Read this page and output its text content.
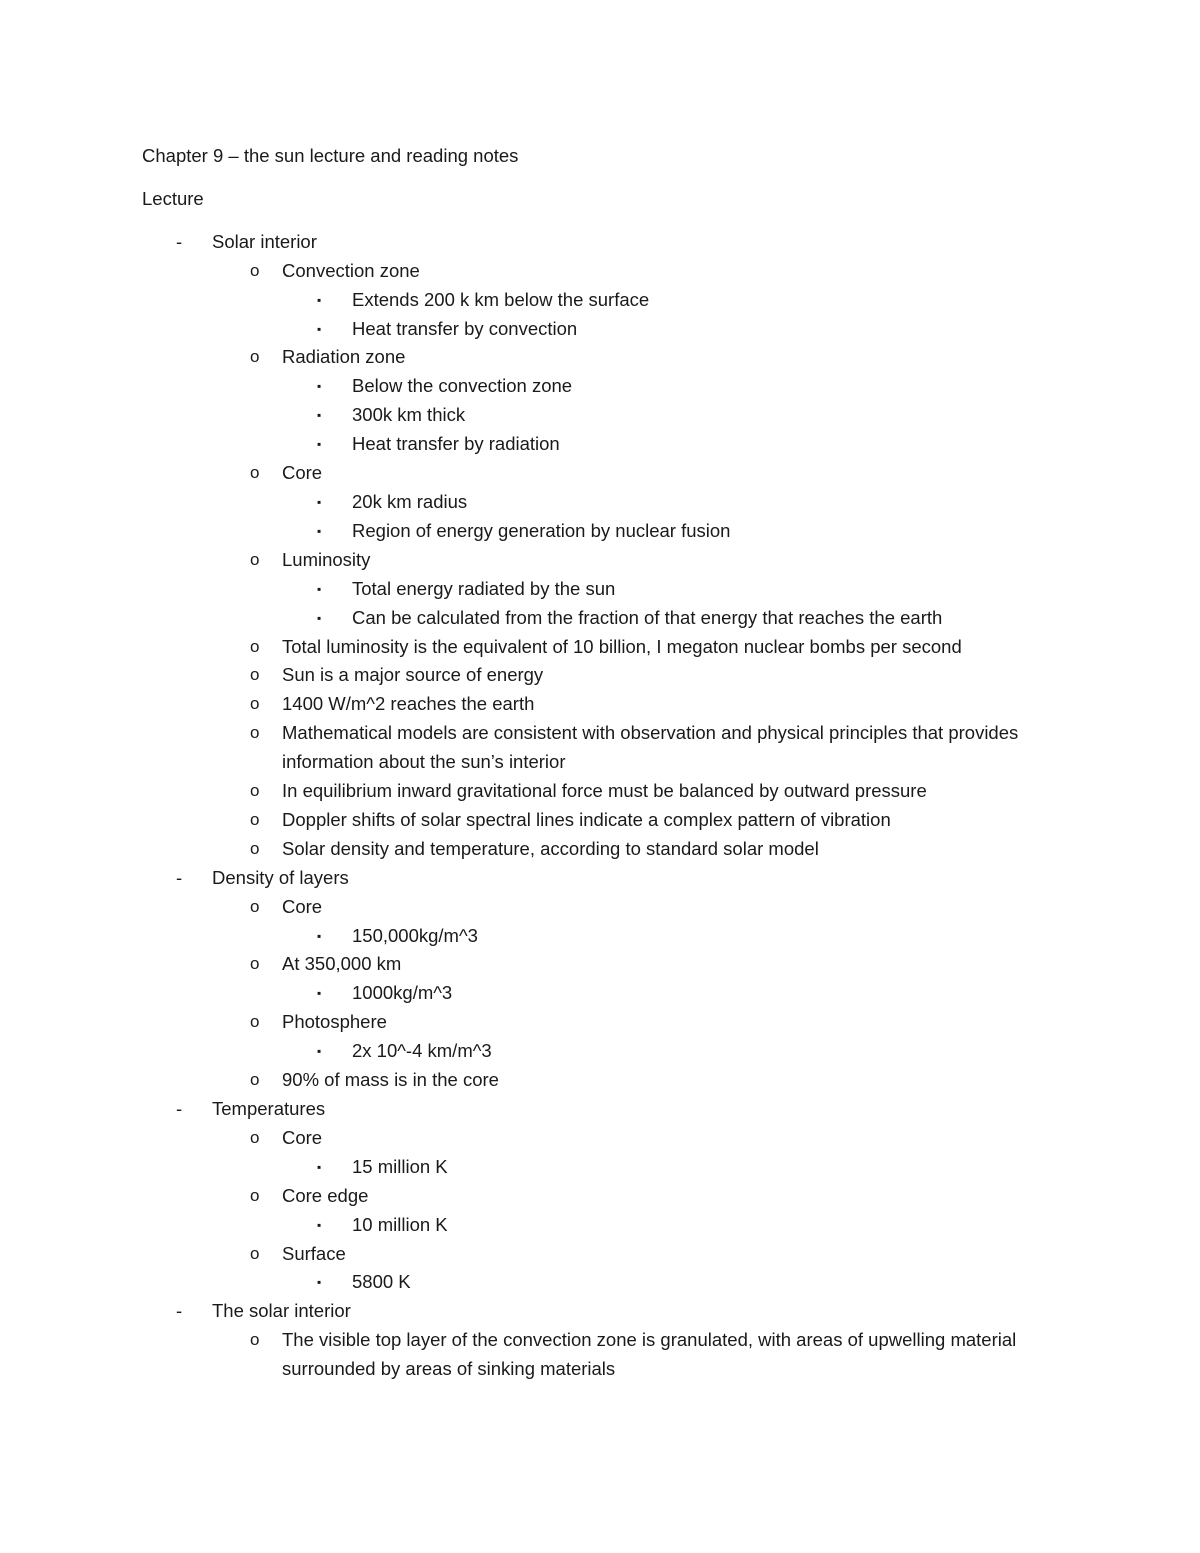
Chapter 9 – the sun lecture and reading notes
Lecture
- Solar interior
o Convection zone
▪ Extends 200 k km below the surface
▪ Heat transfer by convection
o Radiation zone
▪ Below the convection zone
▪ 300k km thick
▪ Heat transfer by radiation
o Core
▪ 20k km radius
▪ Region of energy generation by nuclear fusion
o Luminosity
▪ Total energy radiated by the sun
▪ Can be calculated from the fraction of that energy that reaches the earth
o Total luminosity is the equivalent of 10 billion, I megaton nuclear bombs per second
o Sun is a major source of energy
o 1400 W/m^2 reaches the earth
o Mathematical models are consistent with observation and physical principles that provides information about the sun’s interior
o In equilibrium inward gravitational force must be balanced by outward pressure
o Doppler shifts of solar spectral lines indicate a complex pattern of vibration
o Solar density and temperature, according to standard solar model
- Density of layers
o Core
▪ 150,000kg/m^3
o At 350,000 km
▪ 1000kg/m^3
o Photosphere
▪ 2x 10^-4 km/m^3
o 90% of mass is in the core
- Temperatures
o Core
▪ 15 million K
o Core edge
▪ 10 million K
o Surface
▪ 5800 K
- The solar interior
o The visible top layer of the convection zone is granulated, with areas of upwelling material surrounded by areas of sinking materials
